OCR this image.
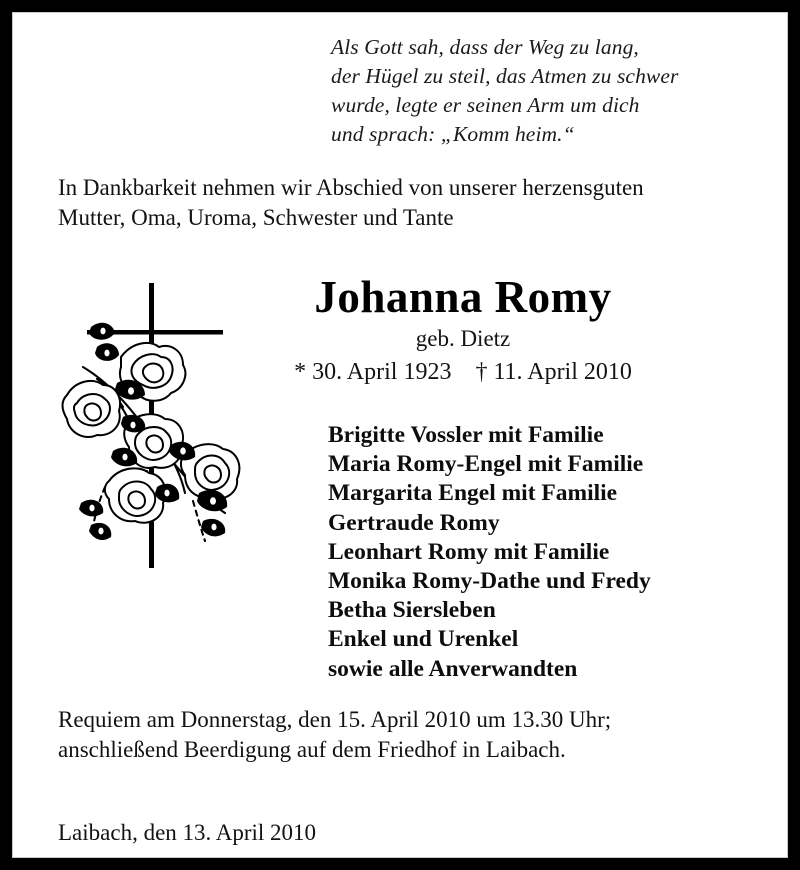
Als Gott sah, dass der Weg zu lang,
der Hügel zu steil, das Atmen zu schwer
wurde, legte er seinen Arm um dich
und sprach: „Komm heim.“
In Dankbarkeit nehmen wir Abschied von unserer herzensguten
Mutter, Oma, Uroma, Schwester und Tante
Johanna Romy
geb. Dietz
* 30. April 1923    † 11. April 2010
Brigitte Vossler mit Familie
Maria Romy-Engel mit Familie
Margarita Engel mit Familie
Gertraude Romy
Leonhart Romy mit Familie
Monika Romy-Dathe und Fredy
Betha Siersleben
Enkel und Urenkel
sowie alle Anverwandten
Requiem am Donnerstag, den 15. April 2010 um 13.30 Uhr;
anschließend Beerdigung auf dem Friedhof in Laibach.
Laibach, den 13. April 2010
